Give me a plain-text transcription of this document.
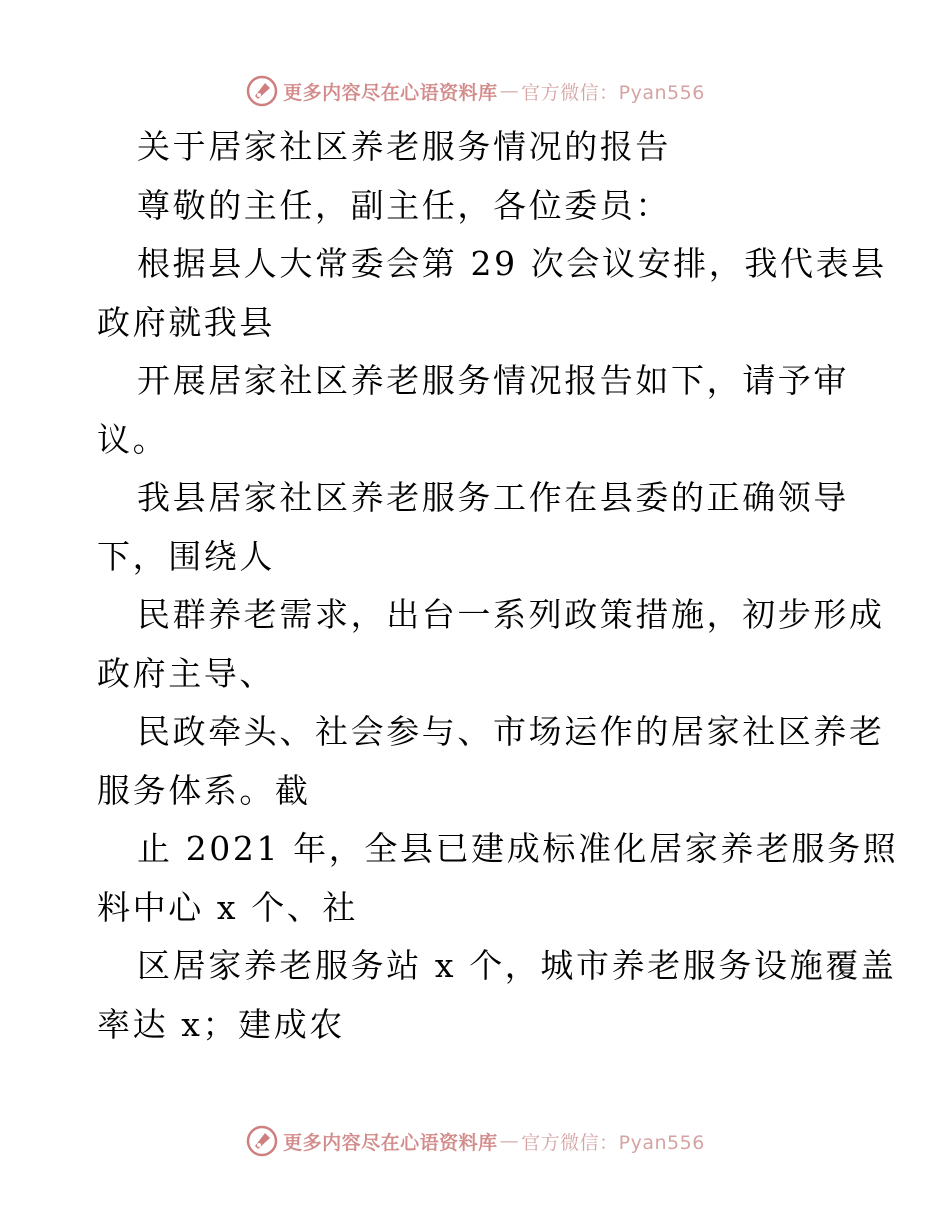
更多内容尽在心语资料库 — 官方微信：Pyan556
关于居家社区养老服务情况的报告
尊敬的主任，副主任，各位委员：
根据县人大常委会第 29 次会议安排，我代表县
政府就我县
开展居家社区养老服务情况报告如下，请予审
议。
我县居家社区养老服务工作在县委的正确领导
下，围绕人
民群养老需求，出台一系列政策措施，初步形成
政府主导、
民政牵头、社会参与、市场运作的居家社区养老
服务体系。截
止 2021 年，全县已建成标准化居家养老服务照
料中心 x 个、社
区居家养老服务站 x 个，城市养老服务设施覆盖
率达 x；建成农
更多内容尽在心语资料库 — 官方微信：Pyan556
